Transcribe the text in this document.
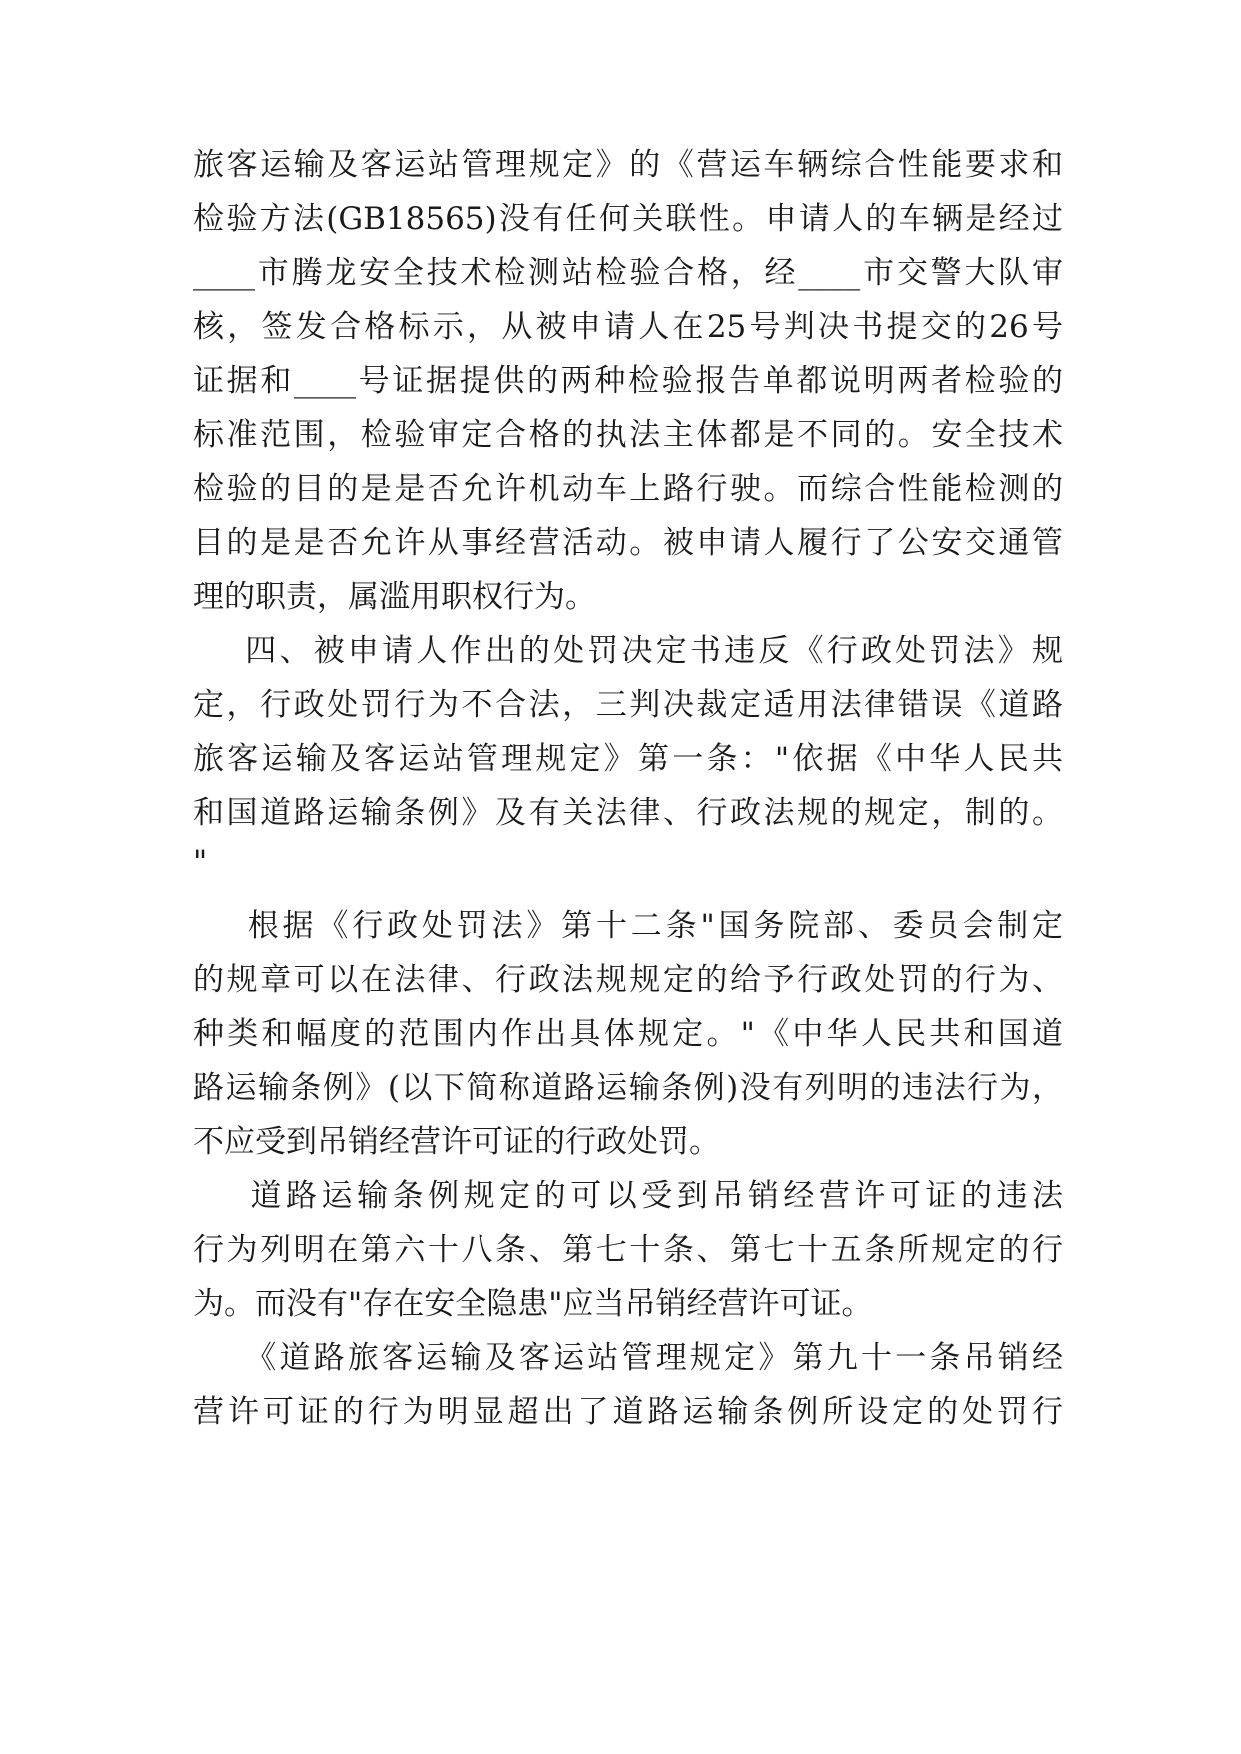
旅客运输及客运站管理规定》的《营运车辆综合性能要求和
检验方法(GB18565)没有任何关联性。申请人的车辆是经过
____市腾龙安全技术检测站检验合格，经____市交警大队审
核，签发合格标示，从被申请人在25号判决书提交的26号
证据和____号证据提供的两种检验报告单都说明两者检验的
标准范围，检验审定合格的执法主体都是不同的。安全技术
检验的目的是是否允许机动车上路行驶。而综合性能检测的
目的是是否允许从事经营活动。被申请人履行了公安交通管
理的职责，属滥用职权行为。
四、被申请人作出的处罚决定书违反《行政处罚法》规
定，行政处罚行为不合法，三判决裁定适用法律错误《道路
旅客运输及客运站管理规定》第一条："依据《中华人民共
和国道路运输条例》及有关法律、行政法规的规定，制的。
"
根据《行政处罚法》第十二条"国务院部、委员会制定
的规章可以在法律、行政法规规定的给予行政处罚的行为、
种类和幅度的范围内作出具体规定。"《中华人民共和国道
路运输条例》(以下简称道路运输条例)没有列明的违法行为，
不应受到吊销经营许可证的行政处罚。
道路运输条例规定的可以受到吊销经营许可证的违法
行为列明在第六十八条、第七十条、第七十五条所规定的行
为。而没有"存在安全隐患"应当吊销经营许可证。
《道路旅客运输及客运站管理规定》第九十一条吊销经
营许可证的行为明显超出了道路运输条例所设定的处罚行
